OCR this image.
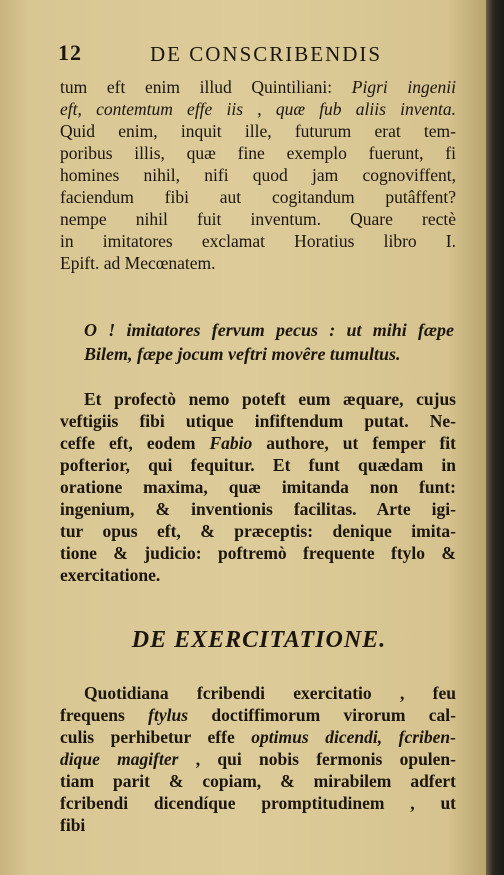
12	DE CONSCRIBENDIS
tum eft enim illud Quintiliani: Pigri ingenii
eft, contemtum effe iis , quæ fub aliis inventa.
Quid enim, inquit ille, futurum erat tem-
poribus illis, quæ fine exemplo fuerunt, fi
homines nihil, nifi quod jam cognoviffent,
faciendum fibi aut cogitandum putâffent?
nempe nihil fuit inventum. Quare rectè
in imitatores exclamat Horatius libro I.
Epift. ad Mecœnatem.
O ! imitatores fervum pecus : ut mihi fæpe
Bilem, fæpe jocum veftri movêre tumultus.
Et profectò nemo poteft eum æquare, cujus
veftigiis fibi utique infiftendum putat. Ne-
ceffe eft, eodem Fabio authore, ut femper fit
pofterior, qui fequitur. Et funt quædam in
oratione maxima, quæ imitanda non funt:
ingenium, & inventionis facilitas. Arte igi-
tur opus eft, & præceptis: denique imita-
tione & judicio: poftremò frequente ftylo &
exercitatione.
DE EXERCITATIONE.
Quotidiana fcribendi exercitatio , feu
frequens ftylus doctiffimorum virorum cal-
culis perhibetur effe optimus dicendi, fcriben-
dique magifter , qui nobis fermonis opulen-
tiam parit & copiam, & mirabilem adfert
fcribendi dicendíque promptitudinem , ut
fibi
